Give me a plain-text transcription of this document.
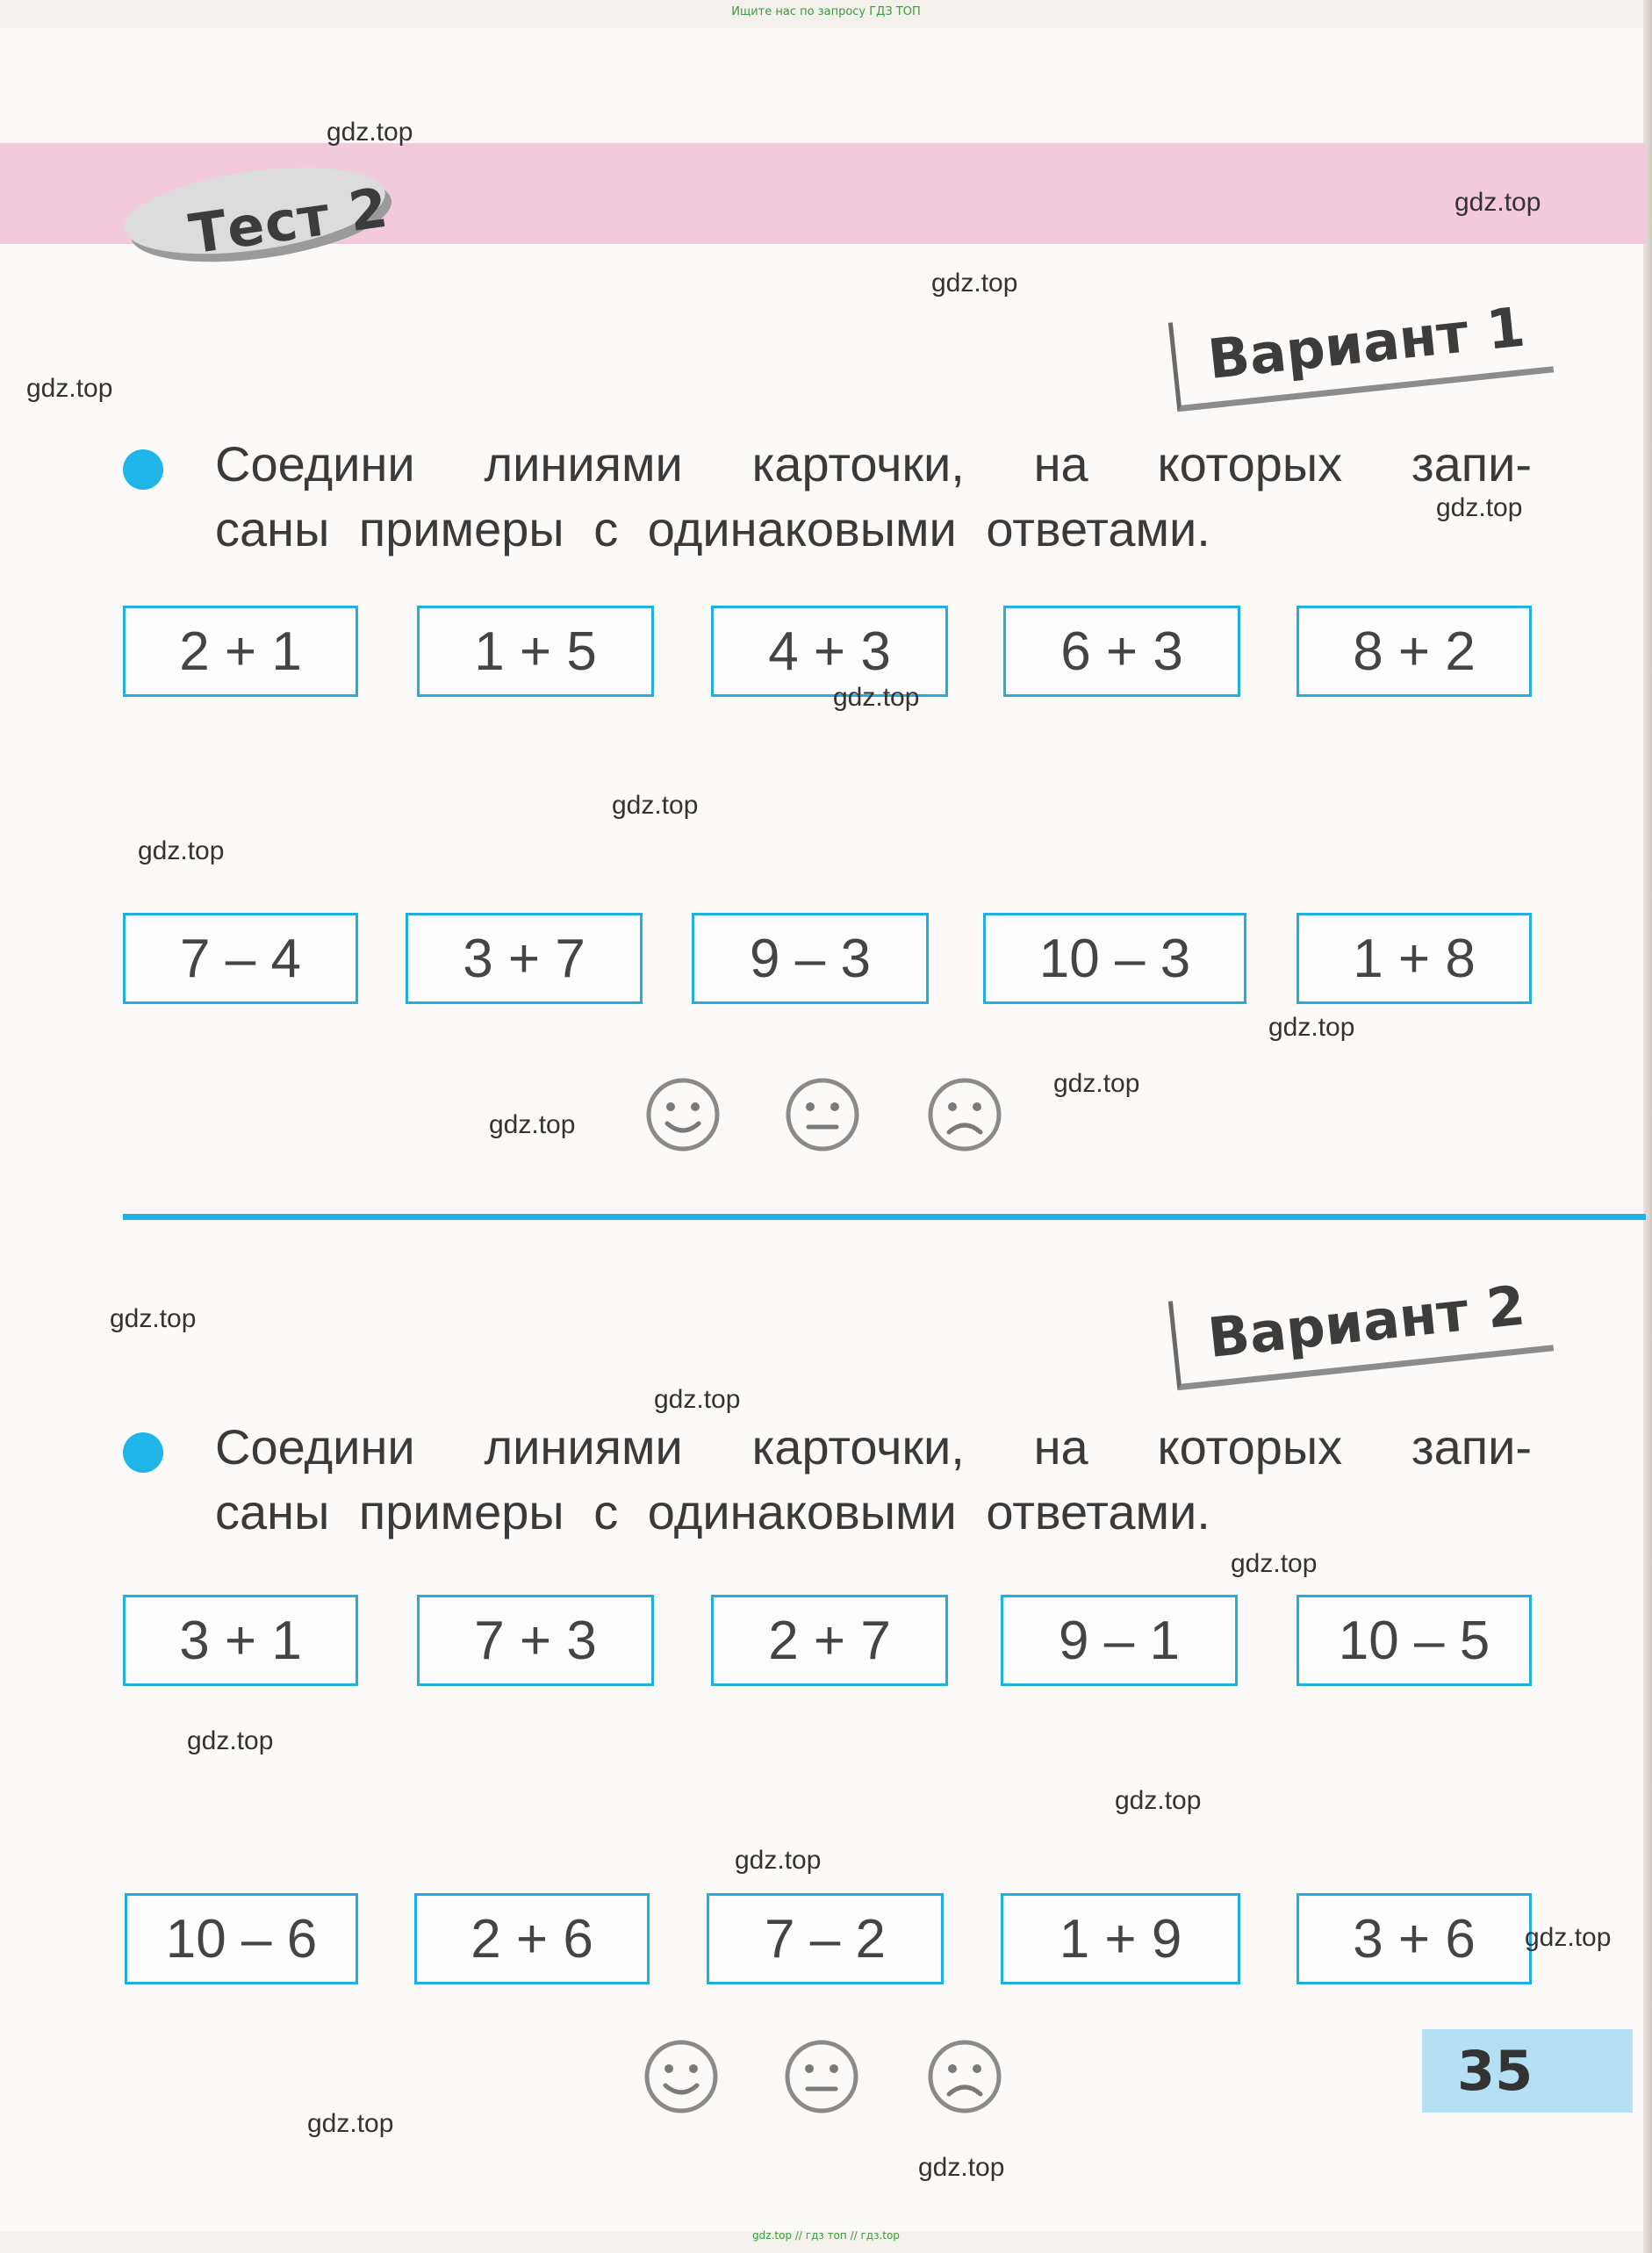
Ищите нас по запросу ГДЗ ТОП
Тест 2
Вариант 1
Соедини линиями карточки, на которых запи-
саны примеры с одинаковыми ответами.
2 + 1	1 + 5	4 + 3	6 + 3	8 + 2
7 – 4	3 + 7	9 – 3	10 – 3	1 + 8
Вариант 2
Соедини линиями карточки, на которых запи-
саны примеры с одинаковыми ответами.
3 + 1	7 + 3	2 + 7	9 – 1	10 – 5
10 – 6	2 + 6	7 – 2	1 + 9	3 + 6
35
gdz.top
gdz.top
gdz.top
gdz.top
gdz.top
gdz.top
gdz.top
gdz.top
gdz.top
gdz.top
gdz.top
gdz.top
gdz.top
gdz.top
gdz.top
gdz.top
gdz.top
gdz.top
gdz.top
gdz.top
gdz.top // гдз топ // гдз.top
